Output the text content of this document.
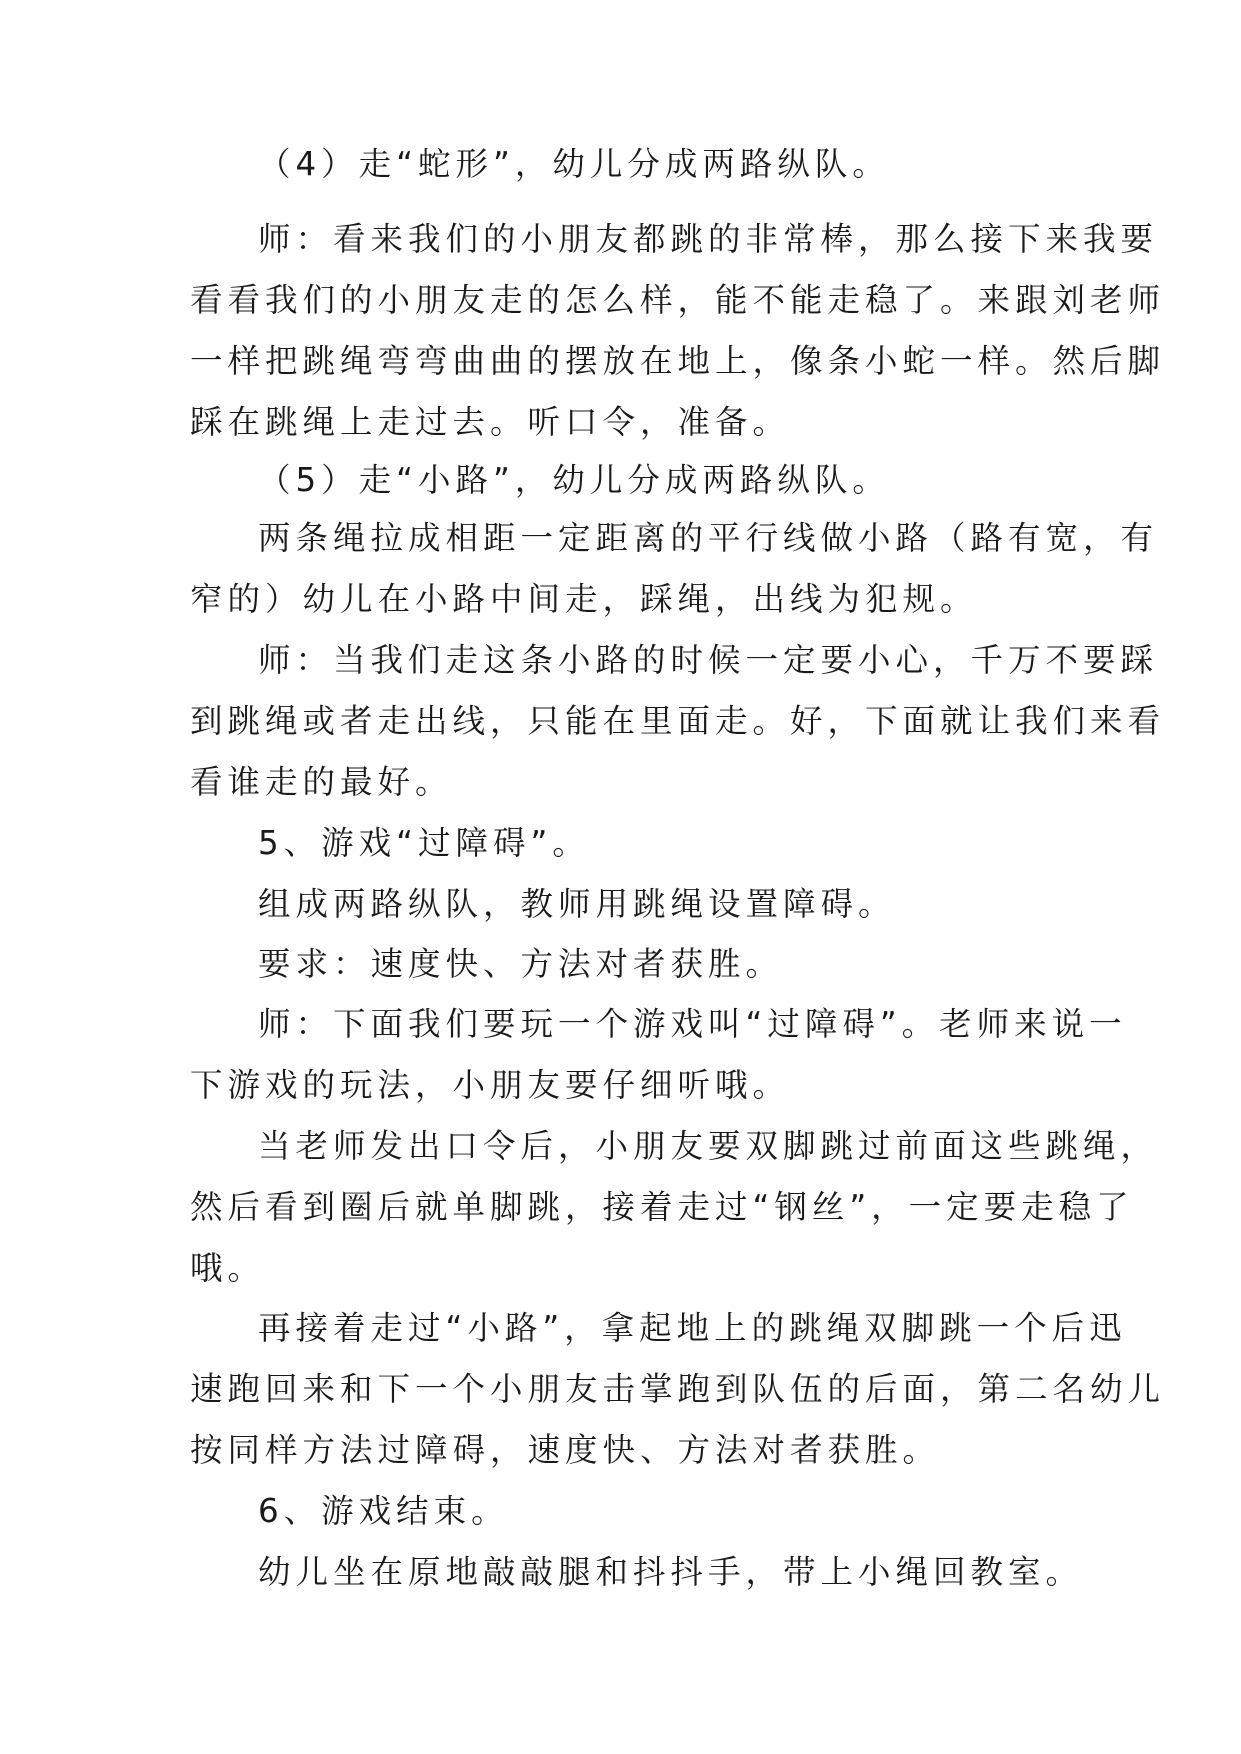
（4）走“蛇形”，幼儿分成两路纵队。
师：看来我们的小朋友都跳的非常棒，那么接下来我要
看看我们的小朋友走的怎么样，能不能走稳了。来跟刘老师
一样把跳绳弯弯曲曲的摆放在地上，像条小蛇一样。然后脚
踩在跳绳上走过去。听口令，准备。
（5）走“小路”，幼儿分成两路纵队。
两条绳拉成相距一定距离的平行线做小路（路有宽，有
窄的）幼儿在小路中间走，踩绳，出线为犯规。
师：当我们走这条小路的时候一定要小心，千万不要踩
到跳绳或者走出线，只能在里面走。好，下面就让我们来看
看谁走的最好。
5、游戏“过障碍”。
组成两路纵队，教师用跳绳设置障碍。
要求：速度快、方法对者获胜。
师：下面我们要玩一个游戏叫“过障碍”。老师来说一
下游戏的玩法，小朋友要仔细听哦。
当老师发出口令后，小朋友要双脚跳过前面这些跳绳，
然后看到圈后就单脚跳，接着走过“钢丝”，一定要走稳了
哦。
再接着走过“小路”，拿起地上的跳绳双脚跳一个后迅
速跑回来和下一个小朋友击掌跑到队伍的后面，第二名幼儿
按同样方法过障碍，速度快、方法对者获胜。
6、游戏结束。
幼儿坐在原地敲敲腿和抖抖手，带上小绳回教室。
